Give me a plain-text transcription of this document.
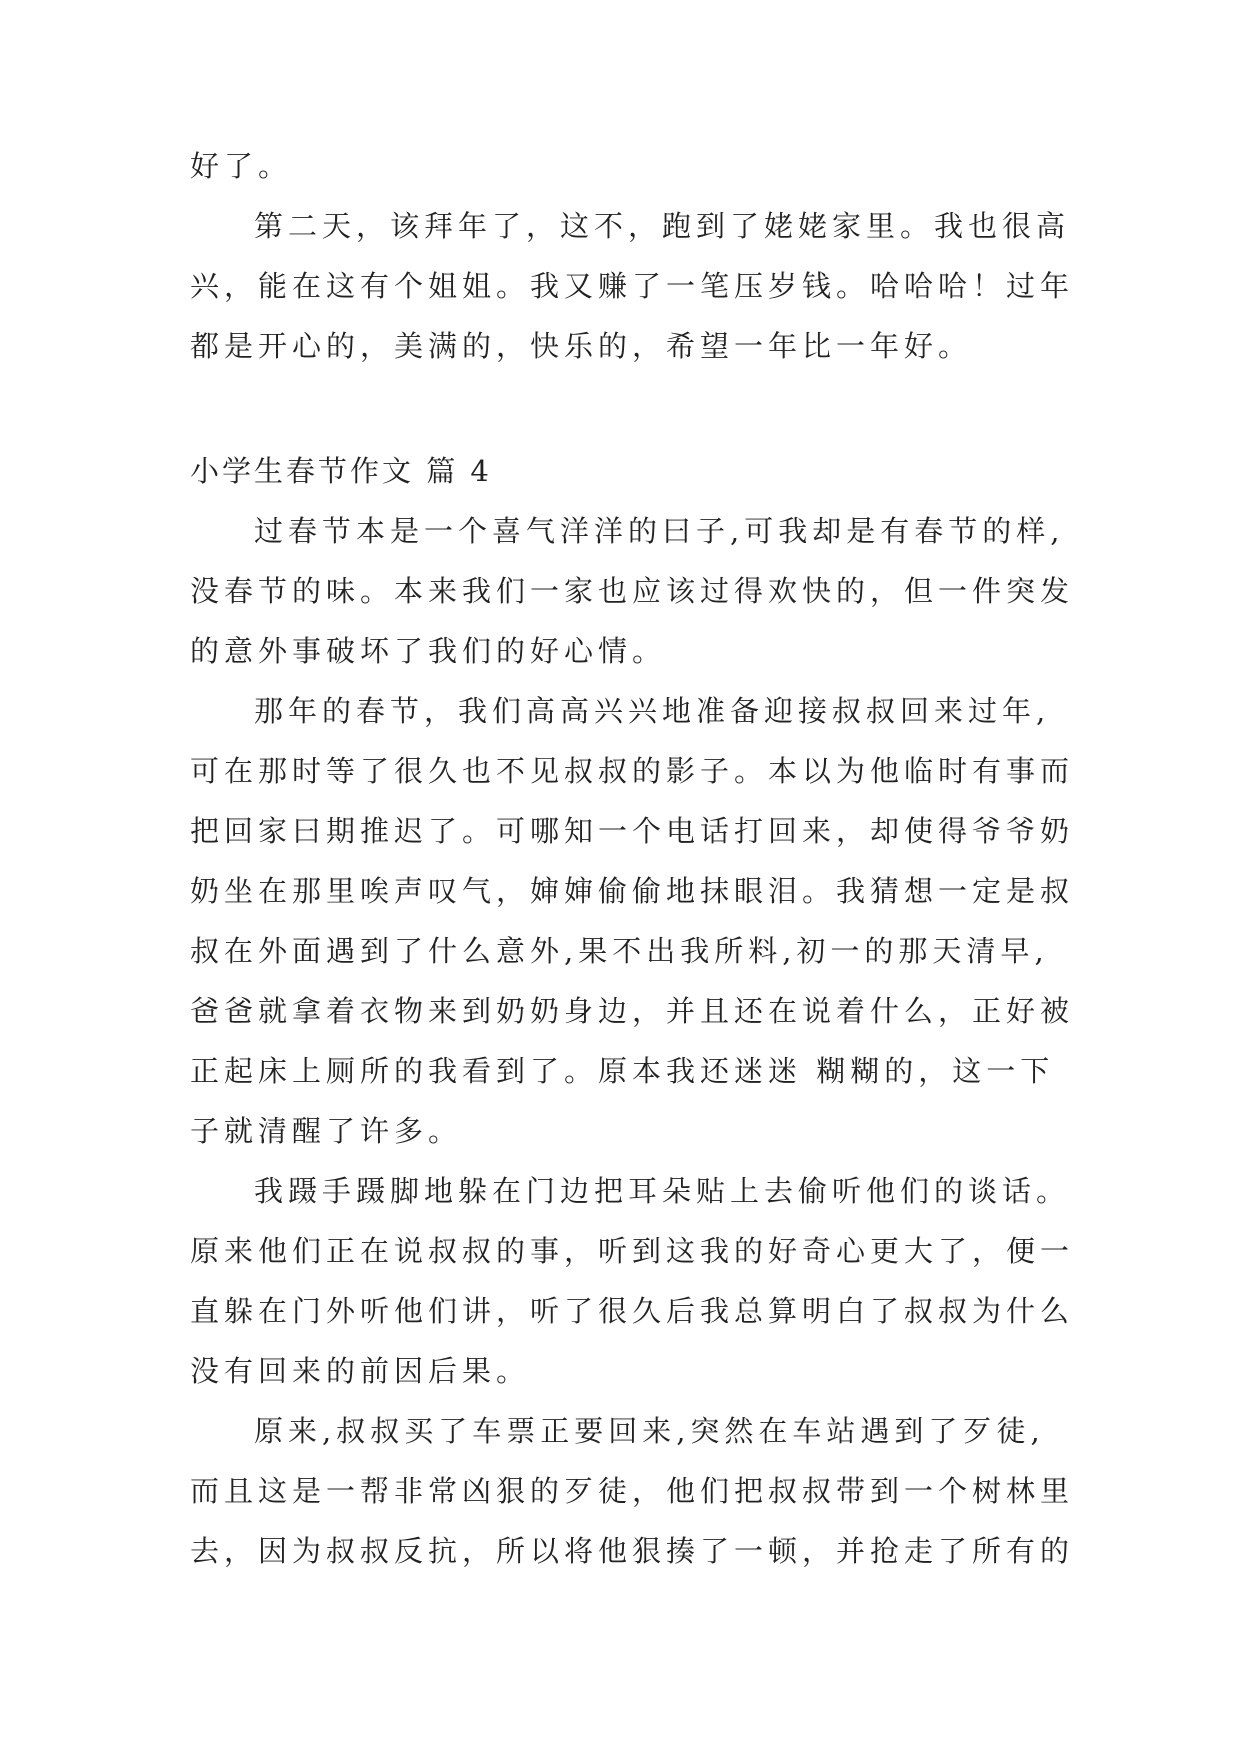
好了。
第二天，该拜年了，这不，跑到了姥姥家里。我也很高
兴，能在这有个姐姐。我又赚了一笔压岁钱。哈哈哈！过年
都是开心的，美满的，快乐的，希望一年比一年好。
小学生春节作文 篇 4
过春节本是一个喜气洋洋的曰子,可我却是有春节的样,
没春节的味。本来我们一家也应该过得欢快的，但一件突发
的意外事破坏了我们的好心情。
那年的春节，我们高高兴兴地准备迎接叔叔回来过年,
可在那时等了很久也不见叔叔的影子。本以为他临时有事而
把回家曰期推迟了。可哪知一个电话打回来，却使得爷爷奶
奶坐在那里唉声叹气，婶婶偷偷地抹眼泪。我猜想一定是叔
叔在外面遇到了什么意外,果不出我所料,初一的那天清早,
爸爸就拿着衣物来到奶奶身边，并且还在说着什么，正好被
正起床上厕所的我看到了。原本我还迷迷 糊糊的，这一下
子就清醒了许多。
我蹑手蹑脚地躲在门边把耳朵贴上去偷听他们的谈话。
原来他们正在说叔叔的事，听到这我的好奇心更大了，便一
直躲在门外听他们讲，听了很久后我总算明白了叔叔为什么
没有回来的前因后果。
原来,叔叔买了车票正要回来,突然在车站遇到了歹徒,
而且这是一帮非常凶狠的歹徒，他们把叔叔带到一个树林里
去，因为叔叔反抗，所以将他狠揍了一顿，并抢走了所有的
